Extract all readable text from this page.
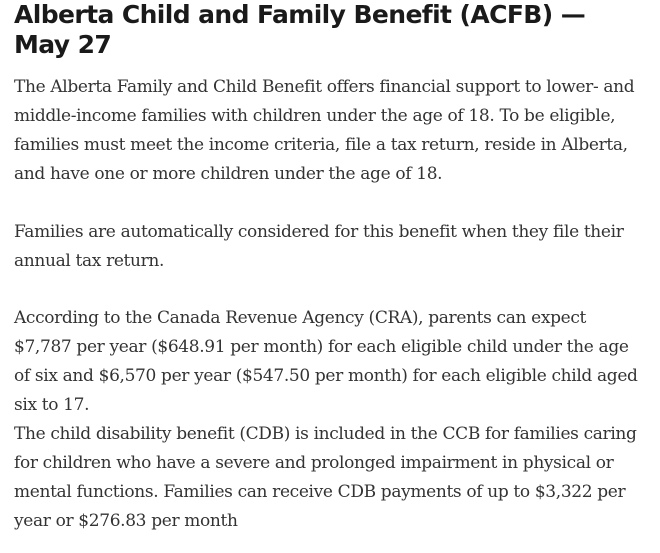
Alberta Child and Family Benefit (ACFB) — May 27

The Alberta Family and Child Benefit offers financial support to lower- and middle-income families with children under the age of 18. To be eligible, families must meet the income criteria, file a tax return, reside in Alberta, and have one or more children under the age of 18.

Families are automatically considered for this benefit when they file their annual tax return.

According to the Canada Revenue Agency (CRA), parents can expect $7,787 per year ($648.91 per month) for each eligible child under the age of six and $6,570 per year ($547.50 per month) for each eligible child aged six to 17.

The child disability benefit (CDB) is included in the CCB for families caring for children who have a severe and prolonged impairment in physical or mental functions. Families can receive CDB payments of up to $3,322 per year or $276.83 per month
